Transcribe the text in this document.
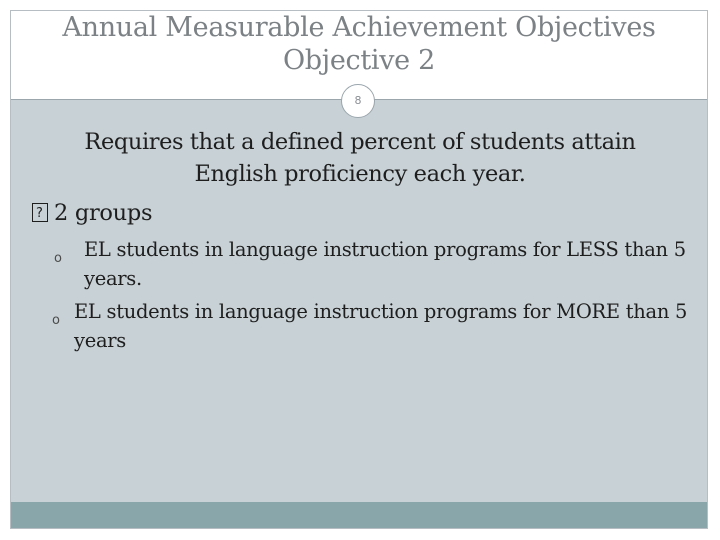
Annual Measurable Achievement Objectives
Objective 2
8
Requires that a defined percent of students attain English proficiency each year.
?2 groups
o EL students in language instruction programs for LESS than 5 years.
o EL students in language instruction programs for MORE than 5 years
